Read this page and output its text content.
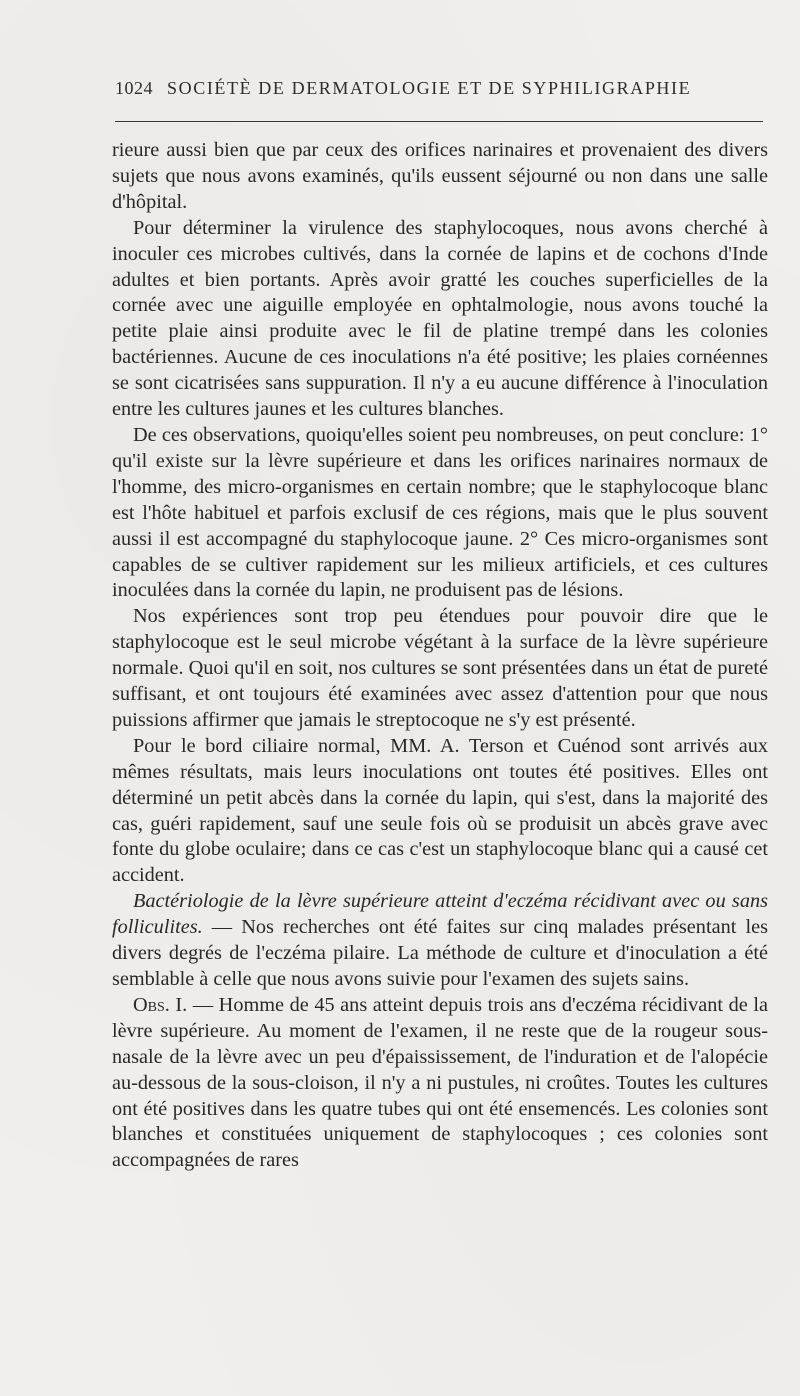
1024 SOCIÉTÈ DE DERMATOLOGIE ET DE SYPHILIGRAPHIE

rieure aussi bien que par ceux des orifices narinaires et provenaient des divers sujets que nous avons examinés, qu'ils eussent séjourné ou non dans une salle d'hôpital.

Pour déterminer la virulence des staphylocoques, nous avons cherché à inoculer ces microbes cultivés, dans la cornée de lapins et de cochons d'Inde adultes et bien portants. Après avoir gratté les couches superficielles de la cornée avec une aiguille employée en ophtalmologie, nous avons touché la petite plaie ainsi produite avec le fil de platine trempé dans les colonies bactériennes. Aucune de ces inoculations n'a été positive; les plaies cornéennes se sont cicatrisées sans suppuration. Il n'y a eu aucune différence à l'inoculation entre les cultures jaunes et les cultures blanches.

De ces observations, quoiqu'elles soient peu nombreuses, on peut conclure: 1° qu'il existe sur la lèvre supérieure et dans les orifices narinaires normaux de l'homme, des micro-organismes en certain nombre; que le staphylocoque blanc est l'hôte habituel et parfois exclusif de ces régions, mais que le plus souvent aussi il est accompagné du staphylocoque jaune. 2° Ces micro-organismes sont capables de se cultiver rapidement sur les milieux artificiels, et ces cultures inoculées dans la cornée du lapin, ne produisent pas de lésions.

Nos expériences sont trop peu étendues pour pouvoir dire que le staphylocoque est le seul microbe végétant à la surface de la lèvre supérieure normale. Quoi qu'il en soit, nos cultures se sont présentées dans un état de pureté suffisant, et ont toujours été examinées avec assez d'attention pour que nous puissions affirmer que jamais le streptocoque ne s'y est présenté.

Pour le bord ciliaire normal, MM. A. Terson et Cuénod sont arrivés aux mêmes résultats, mais leurs inoculations ont toutes été positives. Elles ont déterminé un petit abcès dans la cornée du lapin, qui s'est, dans la majorité des cas, guéri rapidement, sauf une seule fois où se produisit un abcès grave avec fonte du globe oculaire; dans ce cas c'est un staphylocoque blanc qui a causé cet accident.

Bactériologie de la lèvre supérieure atteint d'eczéma récidivant avec ou sans folliculites. — Nos recherches ont été faites sur cinq malades présentant les divers degrés de l'eczéma pilaire. La méthode de culture et d'inoculation a été semblable à celle que nous avons suivie pour l'examen des sujets sains.

Obs. I. — Homme de 45 ans atteint depuis trois ans d'eczéma récidivant de la lèvre supérieure. Au moment de l'examen, il ne reste que de la rougeur sous-nasale de la lèvre avec un peu d'épaississement, de l'induration et de l'alopécie au-dessous de la sous-cloison, il n'y a ni pustules, ni croûtes. Toutes les cultures ont été positives dans les quatre tubes qui ont été ensemencés. Les colonies sont blanches et constituées uniquement de staphylocoques ; ces colonies sont accompagnées de rares
